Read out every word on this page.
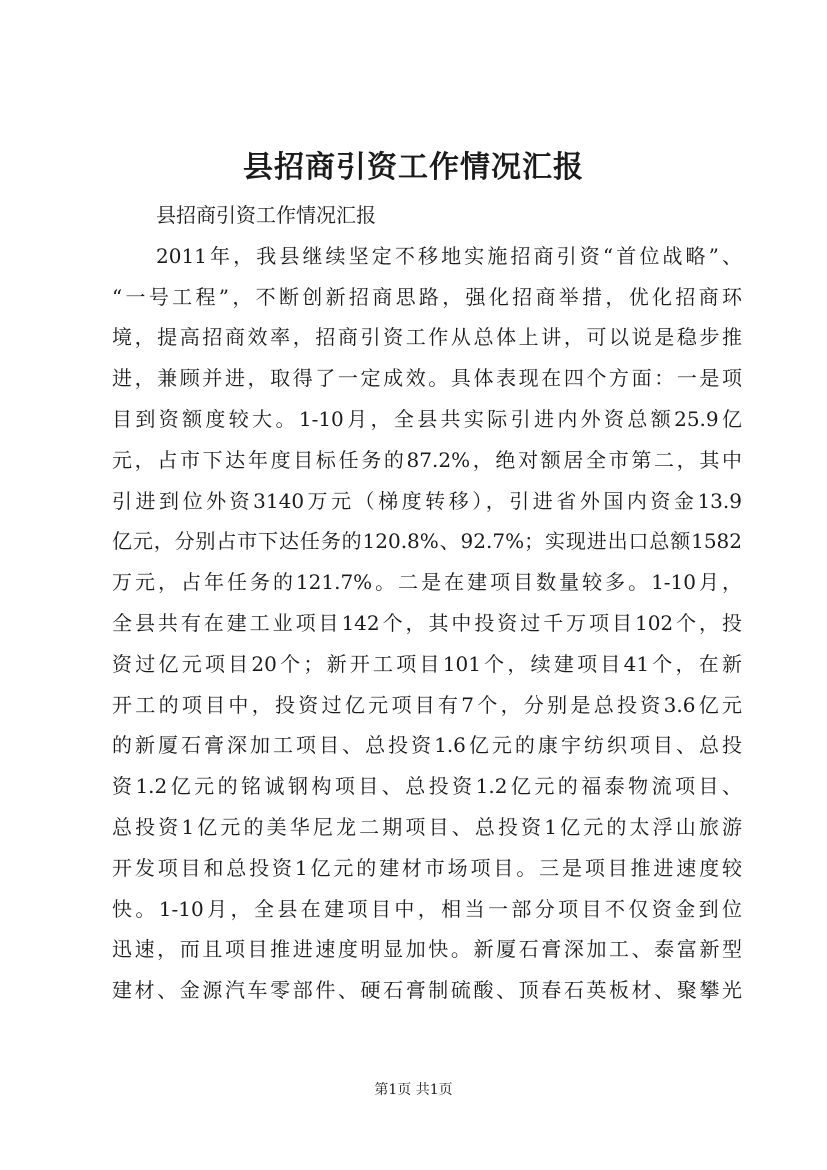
县招商引资工作情况汇报
县招商引资工作情况汇报
2011年，我县继续坚定不移地实施招商引资“首位战略”、
“一号工程”，不断创新招商思路，强化招商举措，优化招商环
境，提高招商效率，招商引资工作从总体上讲，可以说是稳步推
进，兼顾并进，取得了一定成效。具体表现在四个方面：一是项
目到资额度较大。1-10月，全县共实际引进内外资总额25.9亿
元，占市下达年度目标任务的87.2%，绝对额居全市第二，其中
引进到位外资3140万元（梯度转移），引进省外国内资金13.9
亿元，分别占市下达任务的120.8%、92.7%；实现进出口总额1582
万元，占年任务的121.7%。二是在建项目数量较多。1-10月，
全县共有在建工业项目142个，其中投资过千万项目102个，投
资过亿元项目20个；新开工项目101个，续建项目41个，在新
开工的项目中，投资过亿元项目有7个，分别是总投资3.6亿元
的新厦石膏深加工项目、总投资1.6亿元的康宇纺织项目、总投
资1.2亿元的铭诚钢构项目、总投资1.2亿元的福泰物流项目、
总投资1亿元的美华尼龙二期项目、总投资1亿元的太浮山旅游
开发项目和总投资1亿元的建材市场项目。三是项目推进速度较
快。1-10月，全县在建项目中，相当一部分项目不仅资金到位
迅速，而且项目推进速度明显加快。新厦石膏深加工、泰富新型
建材、金源汽车零部件、硬石膏制硫酸、顶春石英板材、聚攀光
第1页 共1页
